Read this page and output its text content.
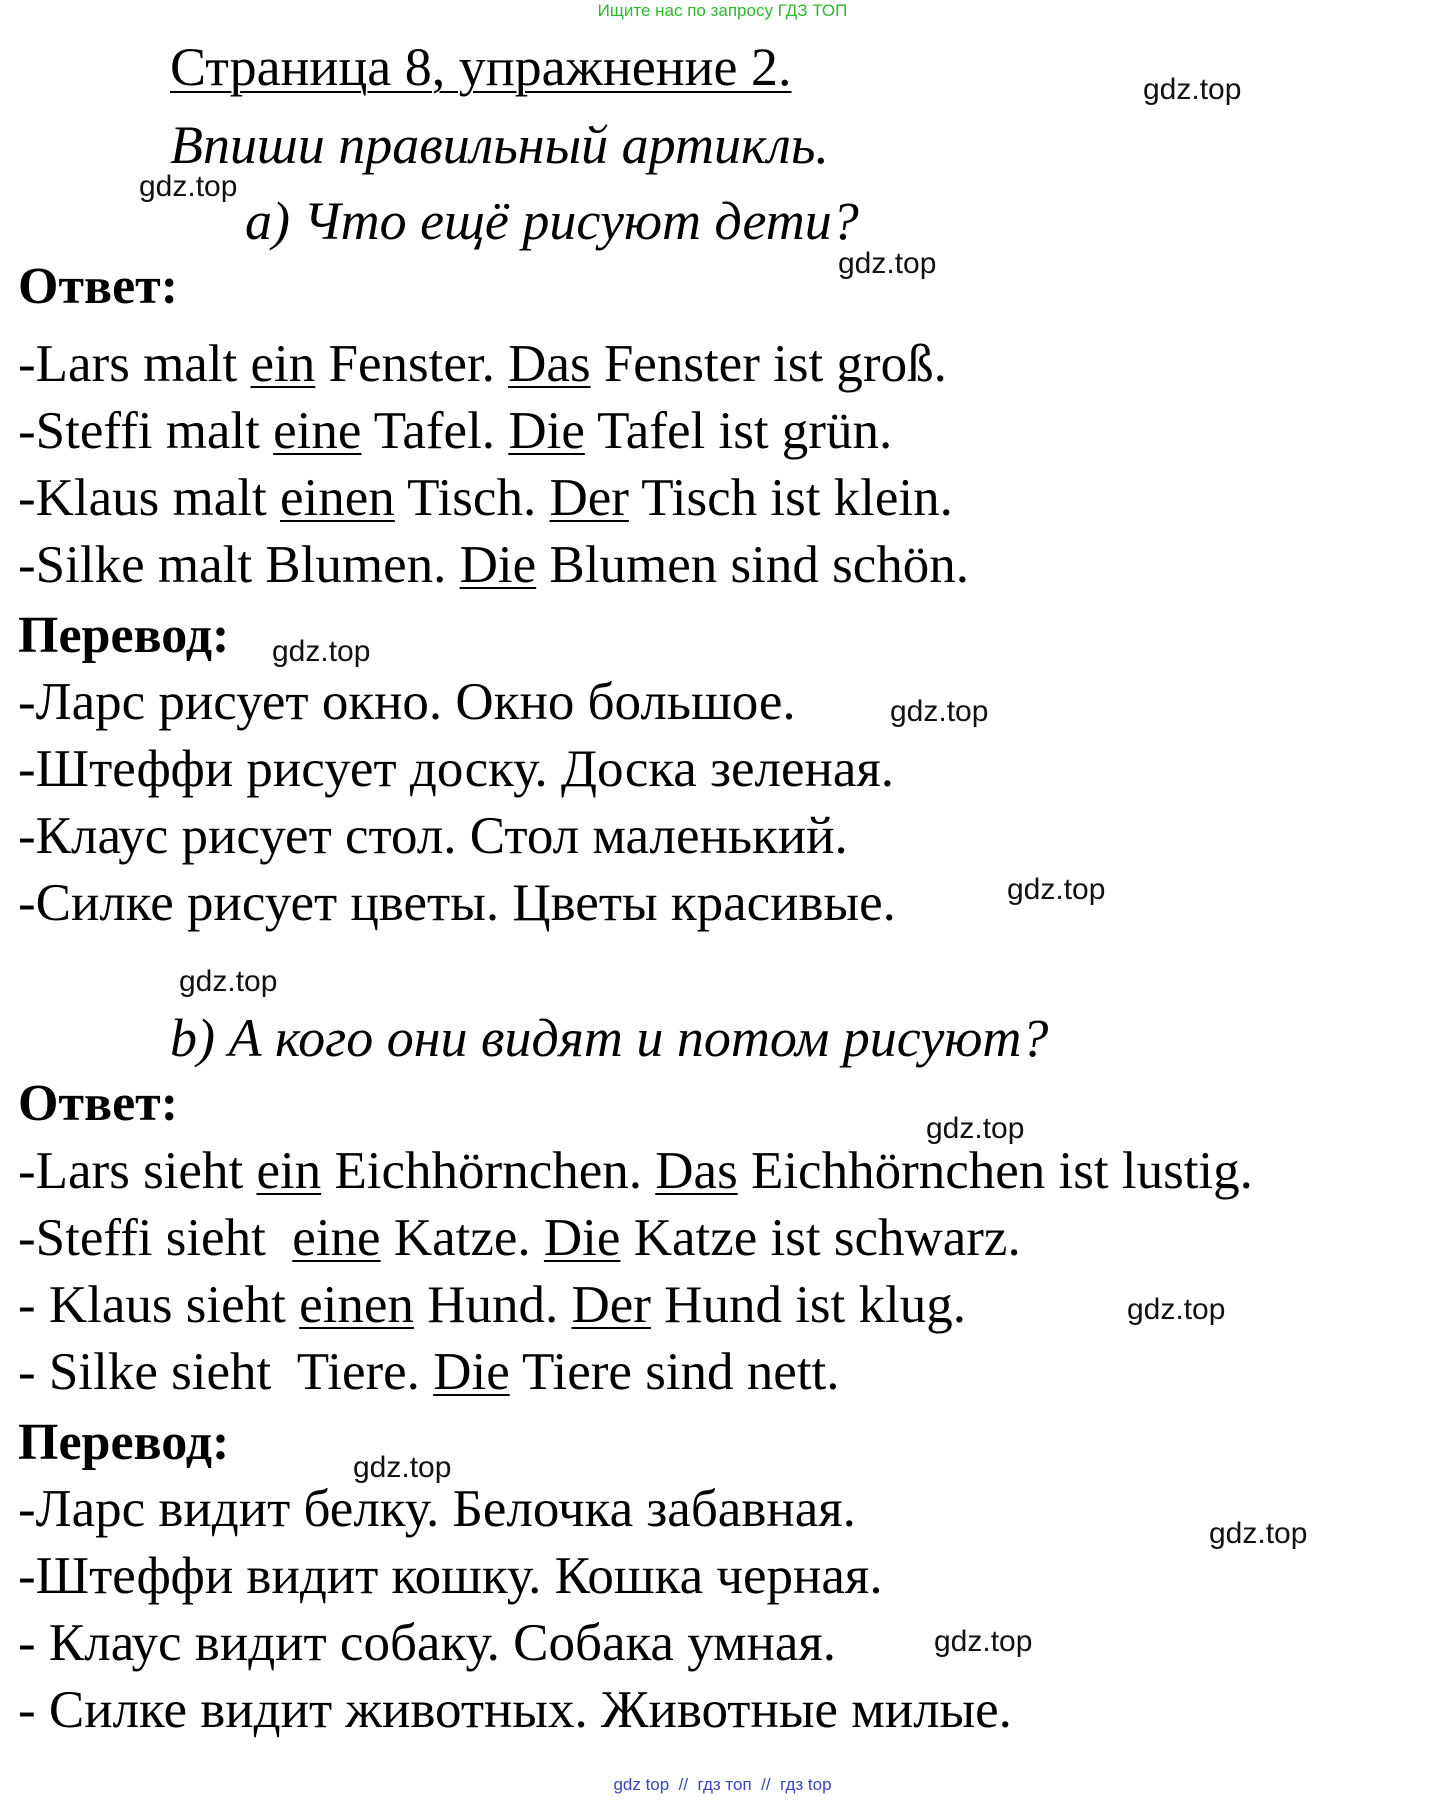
Ищите нас по запросу ГДЗ ТОП
Страница 8, упражнение 2.
Впиши правильный артикль.
a) Что ещё рисуют дети?
Ответ:
-Lars malt ein Fenster. Das Fenster ist groß.
-Steffi malt eine Tafel. Die Tafel ist grün.
-Klaus malt einen Tisch. Der Tisch ist klein.
-Silke malt Blumen. Die Blumen sind schön.
Перевод:
-Ларс рисует окно. Окно большое.
-Штеффи рисует доску. Доска зеленая.
-Клаус рисует стол. Стол маленький.
-Силке рисует цветы. Цветы красивые.
b) А кого они видят и потом рисуют?
Ответ:
-Lars sieht ein Eichhörnchen. Das Eichhörnchen ist lustig.
-Steffi sieht  eine Katze. Die Katze ist schwarz.
- Klaus sieht einen Hund. Der Hund ist klug.
- Silke sieht  Tiere. Die Tiere sind nett.
Перевод:
-Ларс видит белку. Белочка забавная.
-Штеффи видит кошку. Кошка черная.
- Клаус видит собаку. Собака умная.
- Силке видит животных. Животные милые.
gdz.top
gdz.top
gdz.top
gdz.top
gdz.top
gdz.top
gdz.top
gdz.top
gdz.top
gdz.top
gdz.top
gdz.top
gdz top  //  гдз топ  //  гдз top
